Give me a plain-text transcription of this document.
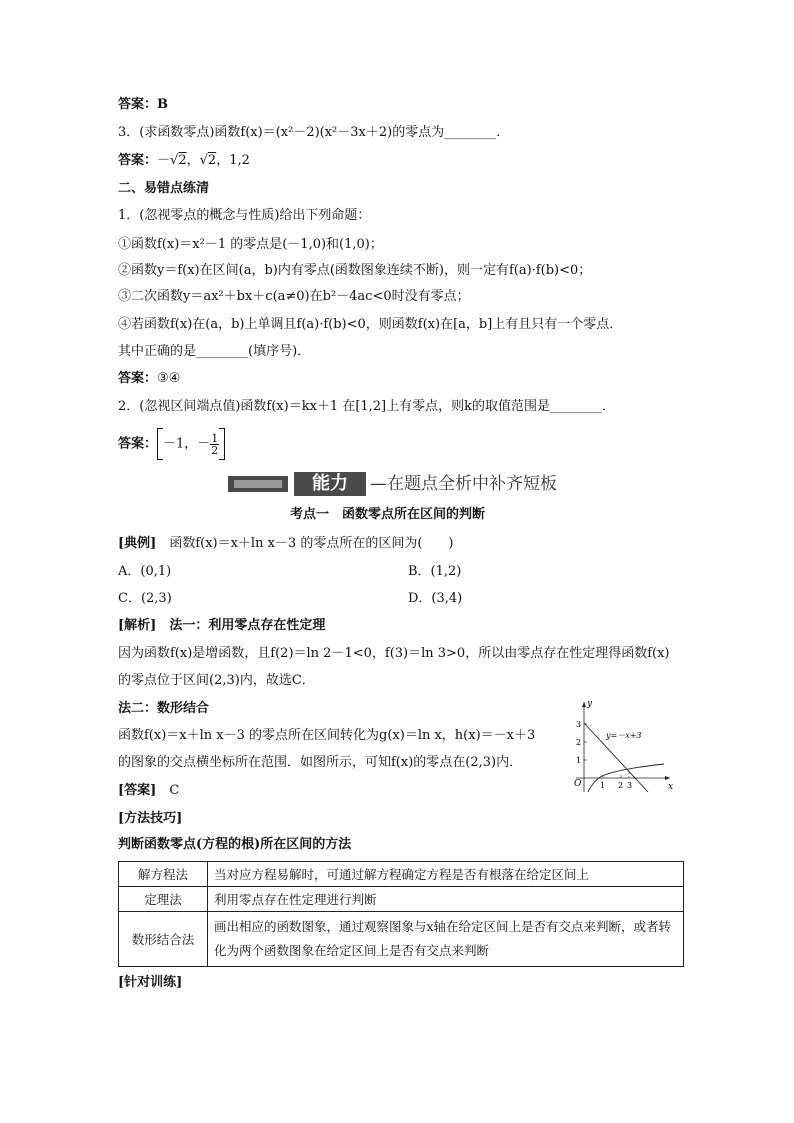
答案：B
3．(求函数零点)函数f(x)＝(x²－2)(x²－3x＋2)的零点为________．
答案：－√2，√2，1,2
二、易错点练清
1．(忽视零点的概念与性质)给出下列命题：
①函数f(x)＝x²－1 的零点是(－1,0)和(1,0)；
②函数y＝f(x)在区间(a，b)内有零点(函数图象连续不断)，则一定有f(a)·f(b)<0；
③二次函数y＝ax²＋bx＋c(a≠0)在b²－4ac<0时没有零点；
④若函数f(x)在(a，b)上单调且f(a)·f(b)<0，则函数f(x)在[a，b]上有且只有一个零点．
其中正确的是________(填序号)．
答案：③④
2．(忽视区间端点值)函数f(x)＝kx＋1 在[1,2]上有零点，则k的取值范围是________．
答案： －1，－ $\frac{1}{2}$
能力	—在题点全析中补齐短板
考点一　函数零点所在区间的判断
[典例]　函数f(x)＝x＋ln x－3 的零点所在的区间为(　　)
A．(0,1)	B．(1,2)
C．(2,3)	D．(3,4)
[解析]　法一：利用零点存在性定理
因为函数f(x)是增函数，且f(2)＝ln 2－1<0，f(3)＝ln 3>0，所以由零点存在性定理得函数f(x)
的零点位于区间(2,3)内，故选C．
法二：数形结合
函数f(x)＝x＋ln x－3 的零点所在区间转化为g(x)＝ln x，h(x)＝－x＋3
的图象的交点横坐标所在范围．如图所示，可知f(x)的零点在(2,3)内．
[答案]　C
[方法技巧]
判断函数零点(方程的根)所在区间的方法
y
x
O
3
2
1
1 2 3
y=－x+3
解方程法	当对应方程易解时，可通过解方程确定方程是否有根落在给定区间上
定理法	利用零点存在性定理进行判断
数形结合法	画出相应的函数图象，通过观察图象与x轴在给定区间上是否有交点来判断，或者转化为两个函数图象在给定区间上是否有交点来判断
[针对训练]
